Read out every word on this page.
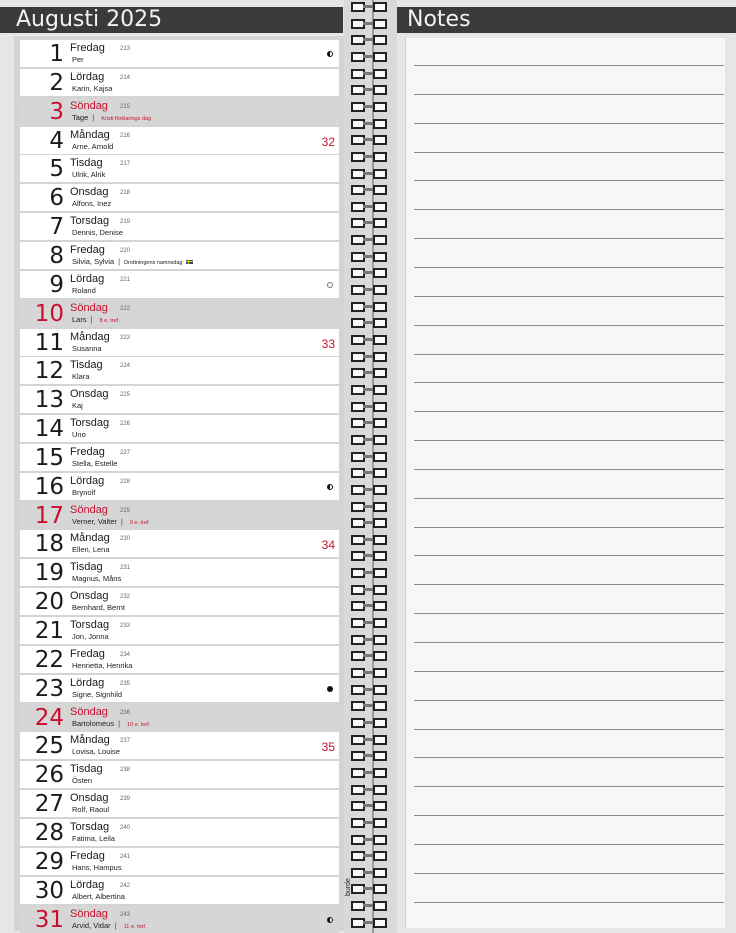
Augusti 2025	Notes
1 Fredag	213
Per
2 Lördag	214
Karin, Kajsa
3 Söndag 215
Tage | Kristi förklarings dag
4 Måndag 216
Arne, Arnold	32
5 Tisdag	217
Ulrik, Alrik
6 Onsdag 218
Alfons, Inez
7 Torsdag 219
Dennis, Denise
8 Fredag	220
Silvia, Sylvia | Drottningens namnsdag
9 Lördag	221
Roland
10 Söndag 222
Lars | 8 e. tref.
11 Måndag 223
Susanna	33
12 Tisdag	224
Klara
13 Onsdag 225
Kaj
14 Torsdag 226
Uno
15 Fredag	227
Stella, Estelle
16 Lördag	228
Brynolf
17 Söndag 229
Verner, Valter | 9 e. tref.
18 Måndag 230
Ellen, Lena	34
19 Tisdag	231
Magnus, Måns
20 Onsdag 232
Bernhard, Bernt
21 Torsdag 233
Jon, Jonna
22 Fredag	234
Henrietta, Henrika
23 Lördag	235
Signe, Signhild
24 Söndag 236
Bartolomeus | 10 e. tref.
25 Måndag 237
Lovisa, Louise	35
26 Tisdag	238
Östen
27 Onsdag 239
Rolf, Raoul
28 Torsdag 240
Fatima, Leila
29 Fredag	241
Hans, Hampus
30 Lördag	242
Albert, Albertina
31 Söndag 243
Arvid, Vidar | 11 e. tref.
burde
